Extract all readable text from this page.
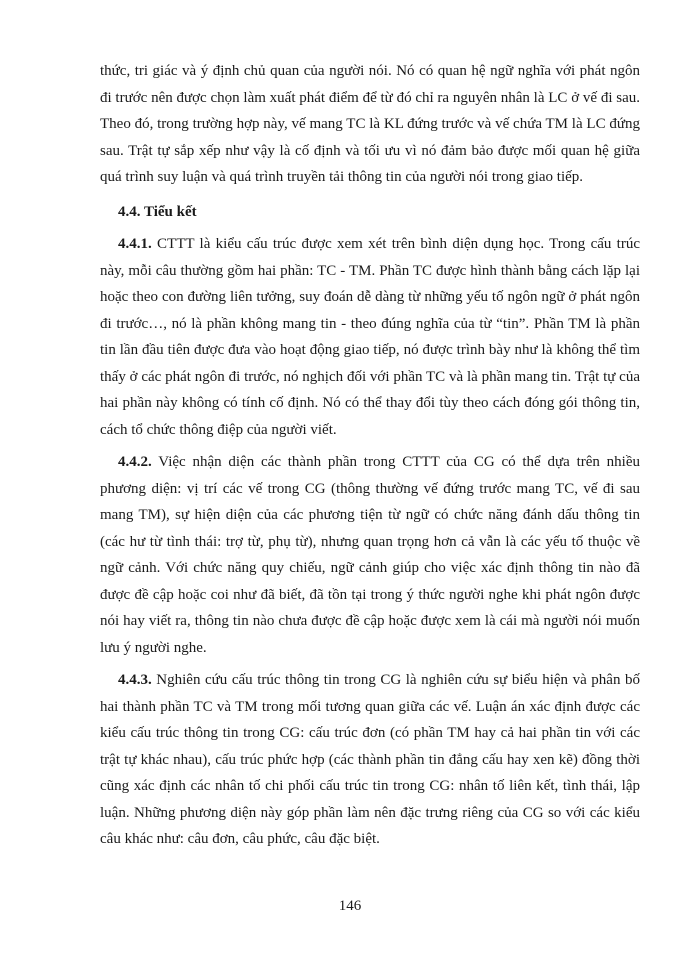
thức, tri giác và ý định chủ quan của người nói. Nó có quan hệ ngữ nghĩa với phát ngôn đi trước nên được chọn làm xuất phát điểm để từ đó chỉ ra nguyên nhân là LC ở vế đi sau. Theo đó, trong trường hợp này, vế mang TC là KL đứng trước và vế chứa TM là LC đứng sau. Trật tự sắp xếp như vậy là cố định và tối ưu vì nó đảm bảo được mối quan hệ giữa quá trình suy luận và quá trình truyền tải thông tin của người nói trong giao tiếp.

4.4. Tiểu kết

4.4.1. CTTT là kiểu cấu trúc được xem xét trên bình diện dụng học. Trong cấu trúc này, mỗi câu thường gồm hai phần: TC - TM. Phần TC được hình thành bằng cách lặp lại hoặc theo con đường liên tưởng, suy đoán dễ dàng từ những yếu tố ngôn ngữ ở phát ngôn đi trước…, nó là phần không mang tin - theo đúng nghĩa của từ “tin”. Phần TM là phần tin lần đầu tiên được đưa vào hoạt động giao tiếp, nó được trình bày như là không thể tìm thấy ở các phát ngôn đi trước, nó nghịch đối với phần TC và là phần mang tin. Trật tự của hai phần này không có tính cố định. Nó có thể thay đổi tùy theo cách đóng gói thông tin, cách tổ chức thông điệp của người viết.

4.4.2. Việc nhận diện các thành phần trong CTTT của CG có thể dựa trên nhiều phương diện: vị trí các vế trong CG (thông thường vế đứng trước mang TC, vế đi sau mang TM), sự hiện diện của các phương tiện từ ngữ có chức năng đánh dấu thông tin (các hư từ tình thái: trợ từ, phụ từ), nhưng quan trọng hơn cả vẫn là các yếu tố thuộc về ngữ cảnh. Với chức năng quy chiếu, ngữ cảnh giúp cho việc xác định thông tin nào đã được đề cập hoặc coi như đã biết, đã tồn tại trong ý thức người nghe khi phát ngôn được nói hay viết ra, thông tin nào chưa được đề cập hoặc được xem là cái mà người nói muốn lưu ý người nghe.

4.4.3. Nghiên cứu cấu trúc thông tin trong CG là nghiên cứu sự biểu hiện và phân bố hai thành phần TC và TM trong mối tương quan giữa các vế. Luận án xác định được các kiểu cấu trúc thông tin trong CG: cấu trúc đơn (có phần TM hay cả hai phần tin với các trật tự khác nhau), cấu trúc phức hợp (các thành phần tin đẳng cấu hay xen kẽ) đồng thời cũng xác định các nhân tố chi phối cấu trúc tin trong CG: nhân tố liên kết, tình thái, lập luận. Những phương diện này góp phần làm nên đặc trưng riêng của CG so với các kiểu câu khác như: câu đơn, câu phức, câu đặc biệt.

146
